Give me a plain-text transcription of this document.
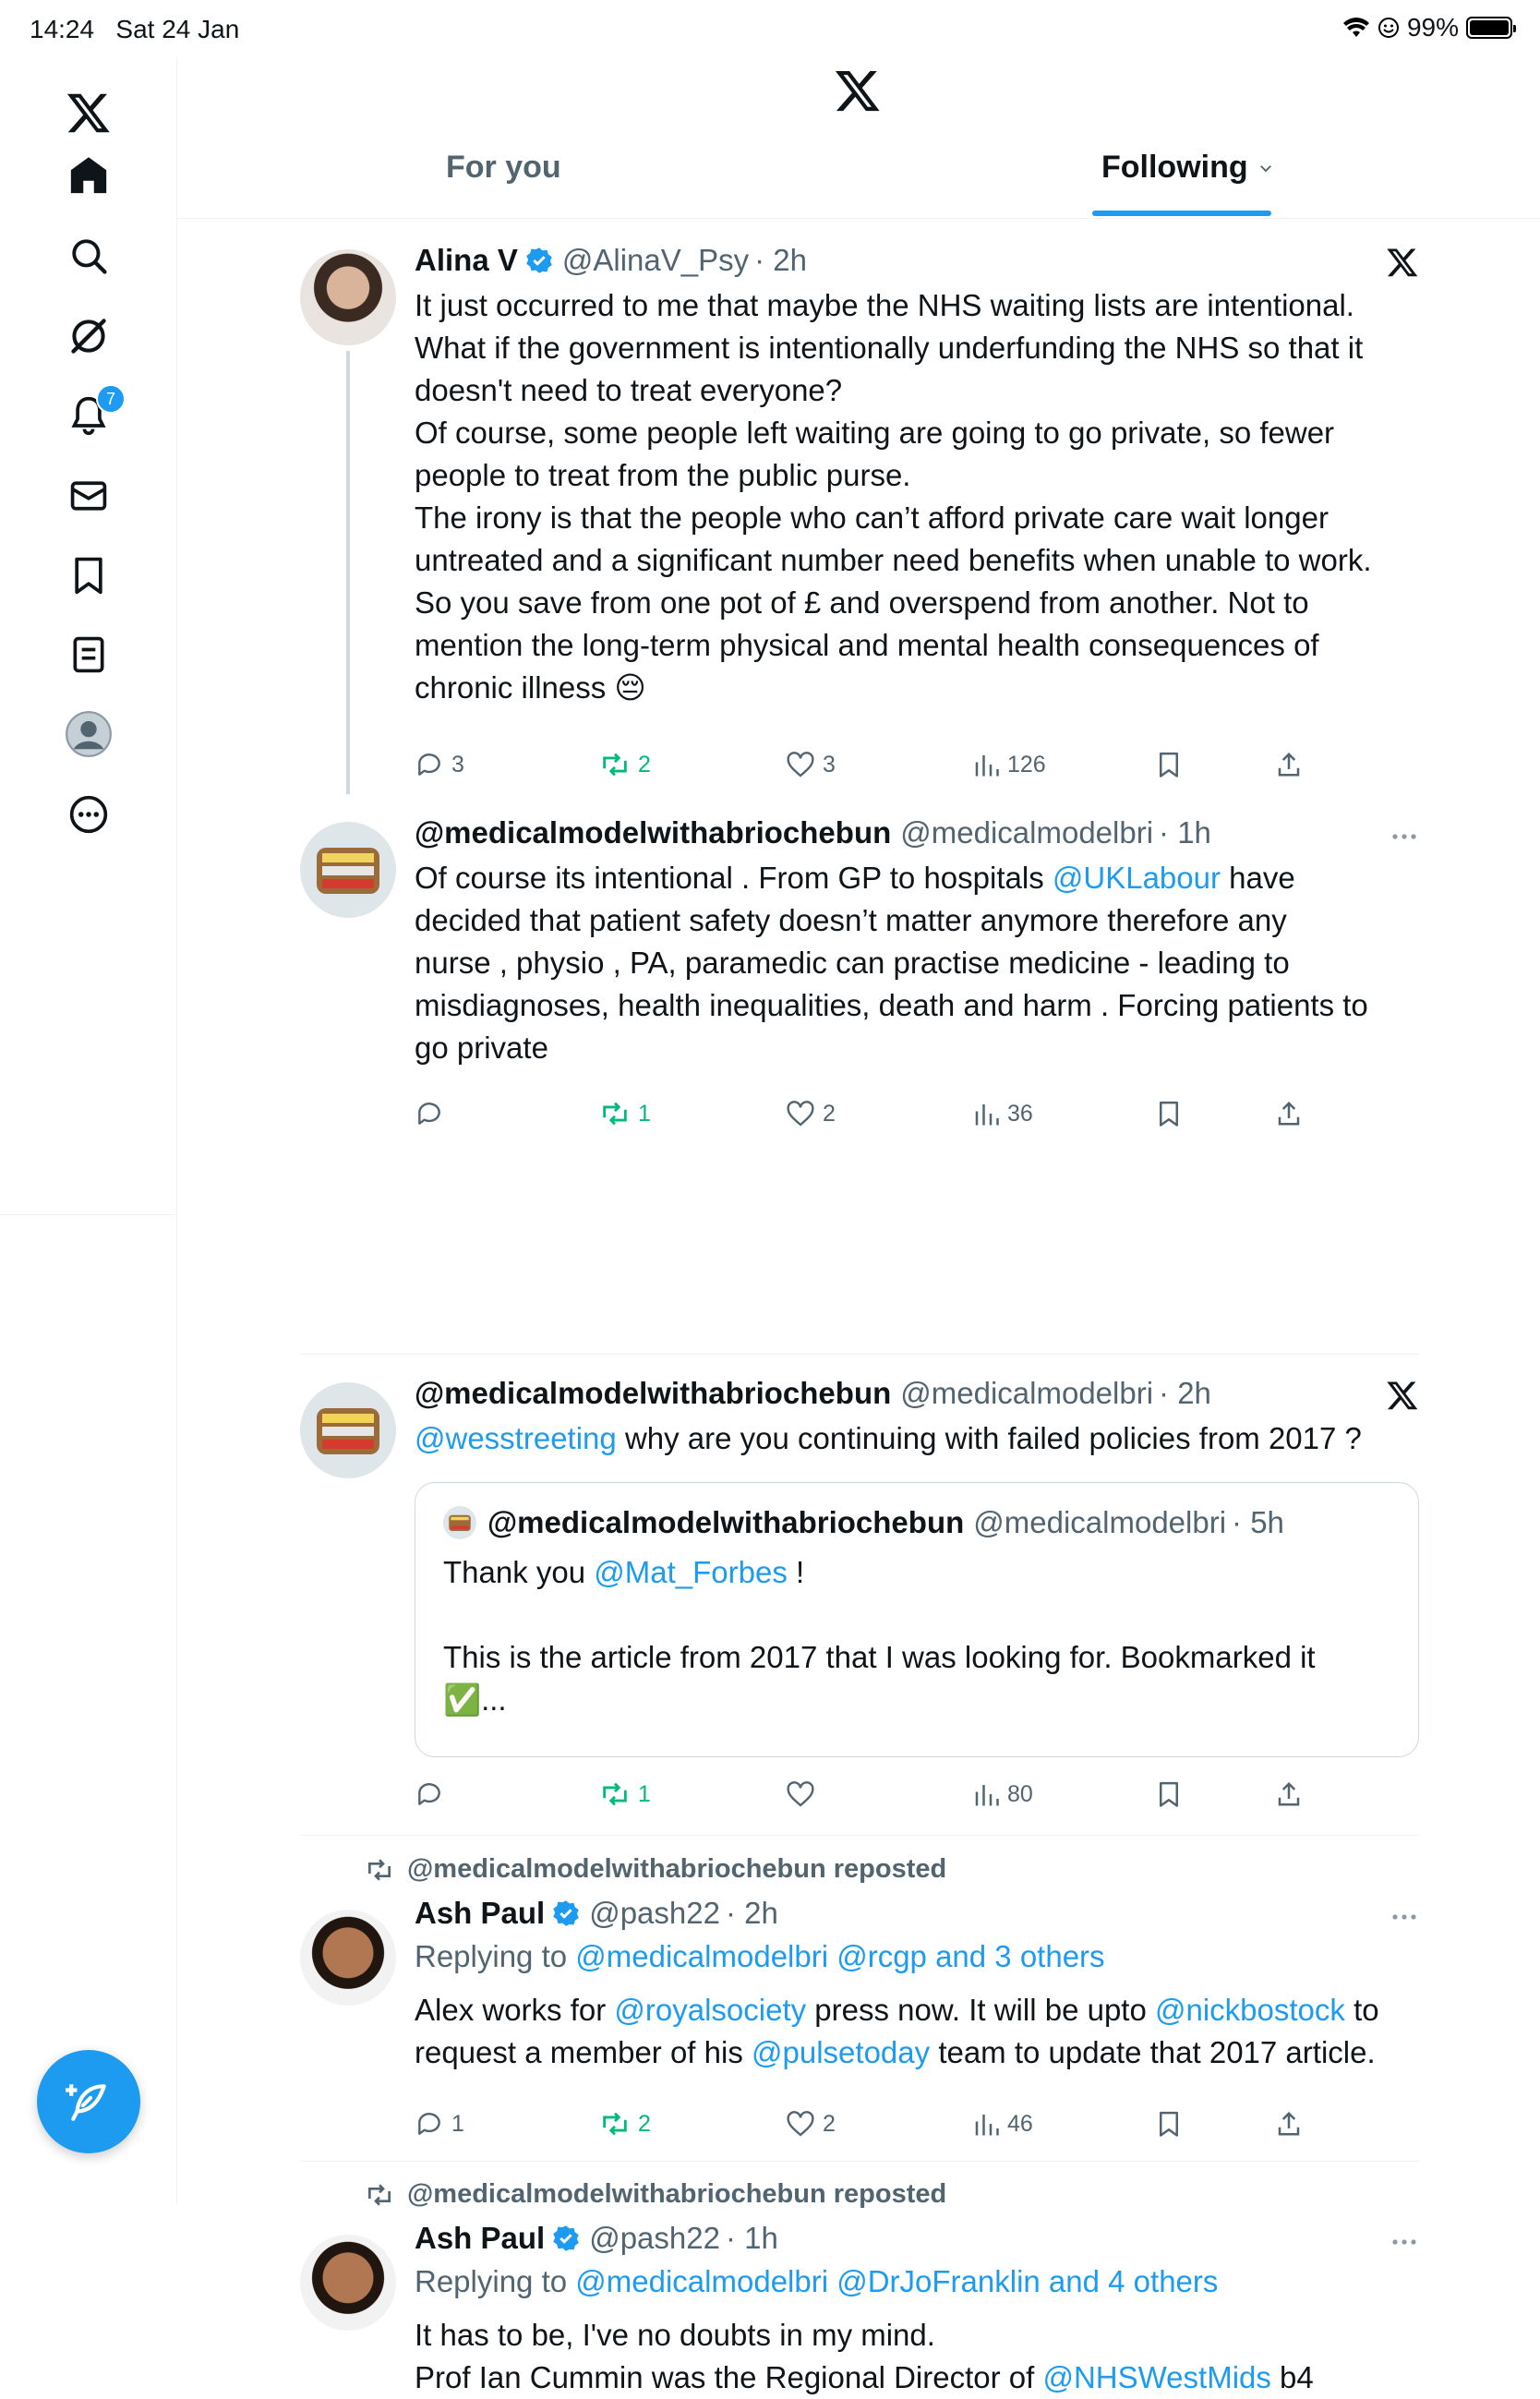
14:24 Sat 24 Jan	99%
7
For you	Following
Alina V @AlinaV_Psy · 2h
It just occurred to me that maybe the NHS waiting lists are intentional.
What if the government is intentionally underfunding the NHS so that it
doesn't need to treat everyone?
Of course, some people left waiting are going to go private, so fewer
people to treat from the public purse.
The irony is that the people who can’t afford private care wait longer
untreated and a significant number need benefits when unable to work.
So you save from one pot of £ and overspend from another. Not to
mention the long-term physical and mental health consequences of
chronic illness 😔
3	2	3	126
@medicalmodelwithabriochebun @medicalmodelbri · 1h
Of course its intentional . From GP to hospitals @UKLabour have
decided that patient safety doesn’t matter anymore therefore any
nurse , physio , PA, paramedic can practise medicine - leading to
misdiagnoses, health inequalities, death and harm . Forcing patients to
go private
1	2	36
@medicalmodelwithabriochebun @medicalmodelbri · 2h
@wesstreeting why are you continuing with failed policies from 2017 ?
@medicalmodelwithabriochebun @medicalmodelbri · 5h
Thank you @Mat_Forbes !
This is the article from 2017 that I was looking for. Bookmarked it
✅...
1	80
@medicalmodelwithabriochebun reposted
Ash Paul @pash22 · 2h
Replying to @medicalmodelbri @rcgp and 3 others
Alex works for @royalsociety press now. It will be upto @nickbostock to
request a member of his @pulsetoday team to update that 2017 article.
1	2	2	46
@medicalmodelwithabriochebun reposted
Ash Paul @pash22 · 1h
Replying to @medicalmodelbri @DrJoFranklin and 4 others
It has to be, I've no doubts in my mind.
Prof Ian Cummin was the Regional Director of @NHSWestMids b4
